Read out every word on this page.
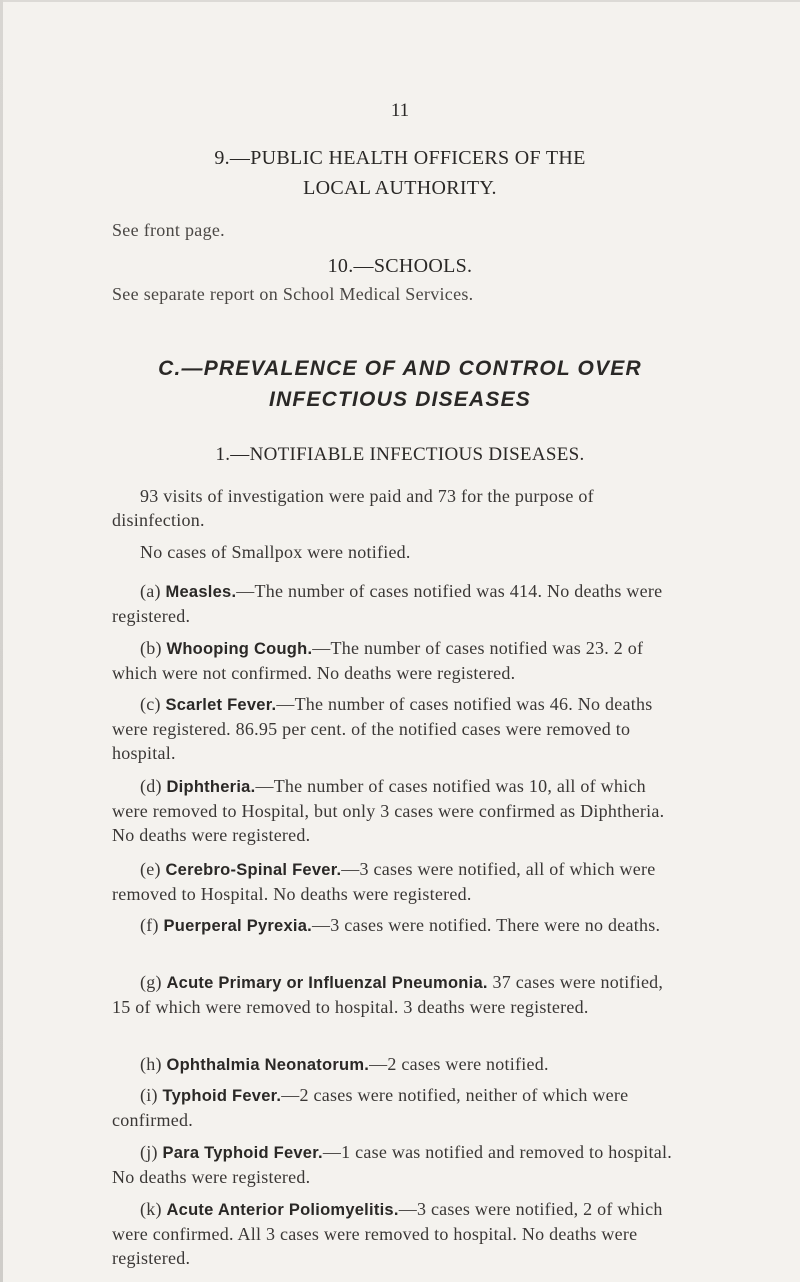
11
9.—PUBLIC HEALTH OFFICERS OF THE
LOCAL AUTHORITY.
See front page.
10.—SCHOOLS.
See separate report on School Medical Services.
C.—PREVALENCE OF AND CONTROL OVER
INFECTIOUS DISEASES
1.—NOTIFIABLE INFECTIOUS DISEASES.

93 visits of investigation were paid and 73 for the purpose of disinfection.

No cases of Smallpox were notified.

(a) Measles.—The number of cases notified was 414. No deaths were registered.

(b) Whooping Cough.—The number of cases notified was 23. 2 of which were not confirmed. No deaths were registered.

(c) Scarlet Fever.—The number of cases notified was 46. No deaths were registered. 86.95 per cent. of the notified cases were removed to hospital.

(d) Diphtheria.—The number of cases notified was 10, all of which were removed to Hospital, but only 3 cases were confirmed as Diphtheria. No deaths were registered.

(e) Cerebro-Spinal Fever.—3 cases were notified, all of which were removed to Hospital. No deaths were registered.

(f) Puerperal Pyrexia.—3 cases were notified. There were no deaths.

(g) Acute Primary or Influenzal Pneumonia. 37 cases were notified, 15 of which were removed to hospital. 3 deaths were registered.

(h) Ophthalmia Neonatorum.—2 cases were notified.

(i) Typhoid Fever.—2 cases were notified, neither of which were confirmed.

(j) Para Typhoid Fever.—1 case was notified and removed to hospital. No deaths were registered.

(k) Acute Anterior Poliomyelitis.—3 cases were notified, 2 of which were confirmed. All 3 cases were removed to hospital. No deaths were registered.
